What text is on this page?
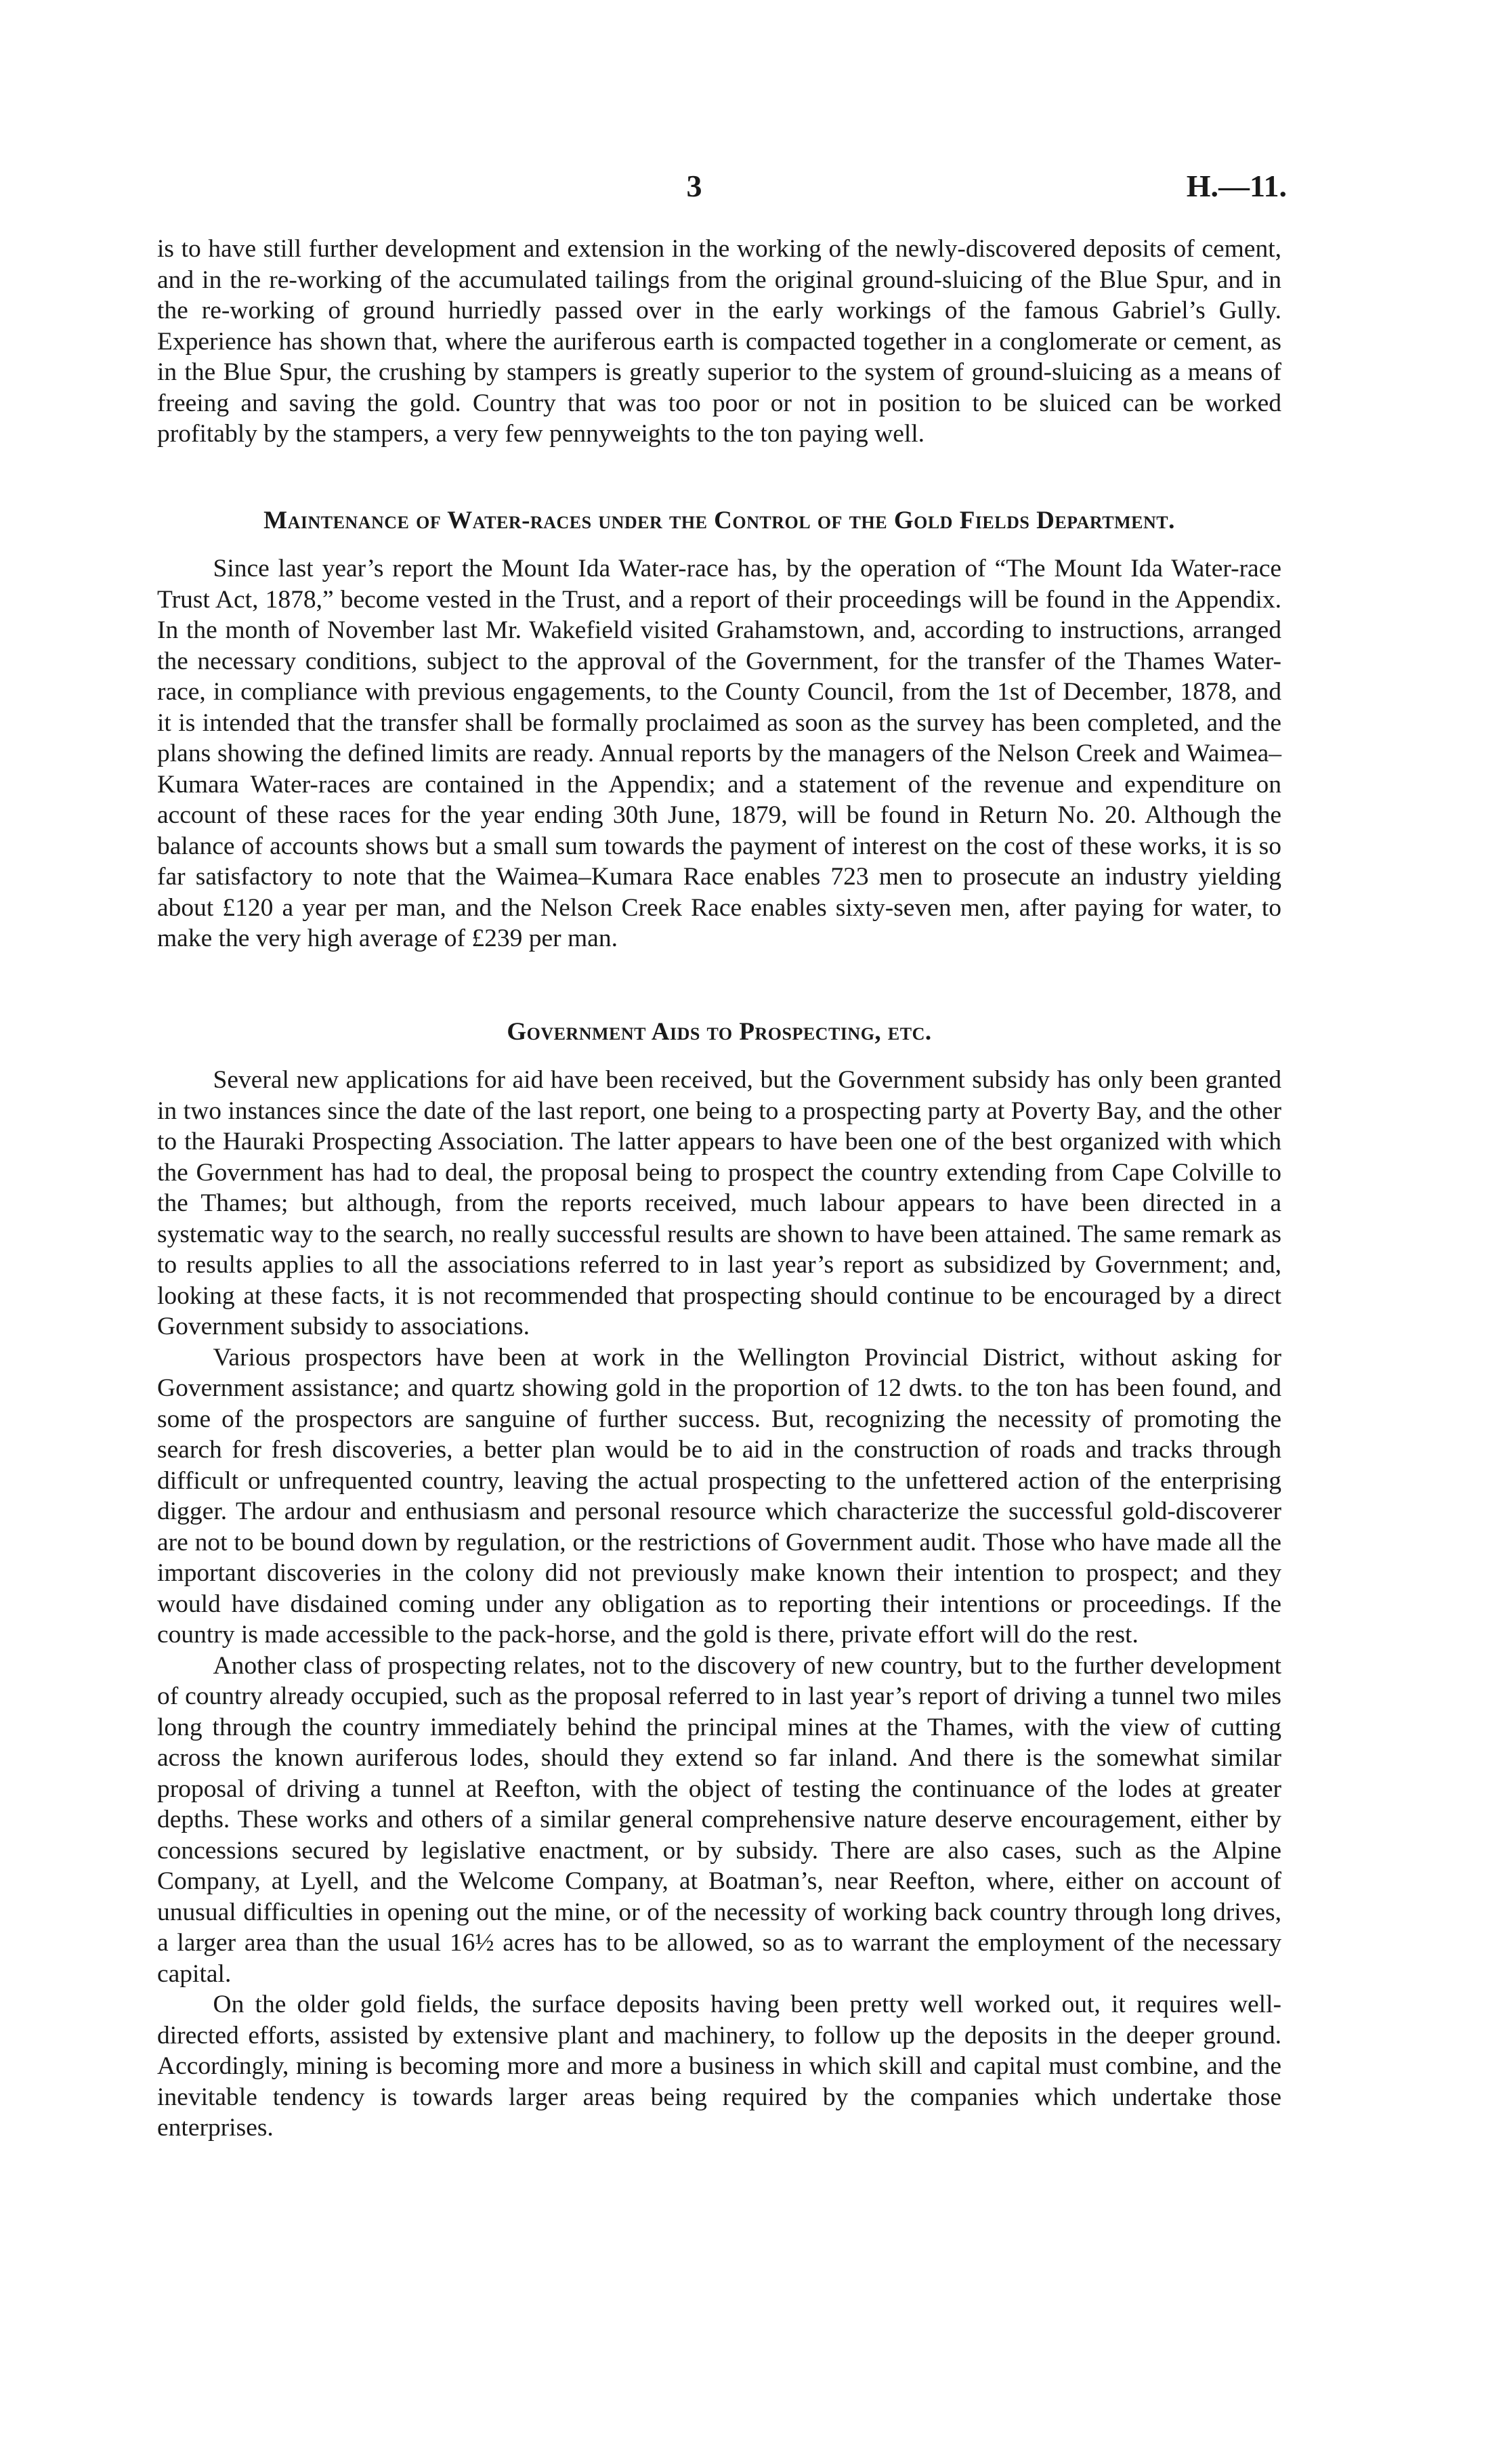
3	H.—11.

is to have still further development and extension in the working of the newly-discovered deposits of cement, and in the re-working of the accumulated tailings from the original ground-sluicing of the Blue Spur, and in the re-working of ground hurriedly passed over in the early workings of the famous Gabriel’s Gully. Experience has shown that, where the auriferous earth is compacted together in a conglomerate or cement, as in the Blue Spur, the crushing by stampers is greatly superior to the system of ground-sluicing as a means of freeing and saving the gold. Country that was too poor or not in position to be sluiced can be worked profitably by the stampers, a very few pennyweights to the ton paying well.

Maintenance of Water-races under the Control of the Gold Fields Department.

Since last year’s report the Mount Ida Water-race has, by the operation of “The Mount Ida Water-race Trust Act, 1878,” become vested in the Trust, and a report of their proceedings will be found in the Appendix. In the month of November last Mr. Wakefield visited Grahamstown, and, according to instructions, arranged the necessary conditions, subject to the approval of the Government, for the transfer of the Thames Water-race, in compliance with previous engagements, to the County Council, from the 1st of December, 1878, and it is intended that the transfer shall be formally proclaimed as soon as the survey has been completed, and the plans showing the defined limits are ready. Annual reports by the managers of the Nelson Creek and Waimea–Kumara Water-races are contained in the Appendix; and a statement of the revenue and expenditure on account of these races for the year ending 30th June, 1879, will be found in Return No. 20. Although the balance of accounts shows but a small sum towards the payment of interest on the cost of these works, it is so far satisfactory to note that the Waimea–Kumara Race enables 723 men to prosecute an industry yielding about £120 a year per man, and the Nelson Creek Race enables sixty-seven men, after paying for water, to make the very high average of £239 per man.

Government Aids to Prospecting, etc.

Several new applications for aid have been received, but the Government subsidy has only been granted in two instances since the date of the last report, one being to a prospecting party at Poverty Bay, and the other to the Hauraki Prospecting Association. The latter appears to have been one of the best organized with which the Government has had to deal, the proposal being to prospect the country extending from Cape Colville to the Thames; but although, from the reports received, much labour appears to have been directed in a systematic way to the search, no really successful results are shown to have been attained. The same remark as to results applies to all the associations referred to in last year’s report as subsidized by Government; and, looking at these facts, it is not recommended that prospecting should continue to be encouraged by a direct Government subsidy to associations.

Various prospectors have been at work in the Wellington Provincial District, without asking for Government assistance; and quartz showing gold in the proportion of 12 dwts. to the ton has been found, and some of the prospectors are sanguine of further success. But, recognizing the necessity of promoting the search for fresh discoveries, a better plan would be to aid in the construction of roads and tracks through difficult or unfrequented country, leaving the actual prospecting to the unfettered action of the enterprising digger. The ardour and enthusiasm and personal resource which characterize the successful gold-discoverer are not to be bound down by regulation, or the restrictions of Government audit. Those who have made all the important discoveries in the colony did not previously make known their intention to prospect; and they would have disdained coming under any obligation as to reporting their intentions or proceedings. If the country is made accessible to the pack-horse, and the gold is there, private effort will do the rest.

Another class of prospecting relates, not to the discovery of new country, but to the further development of country already occupied, such as the proposal referred to in last year’s report of driving a tunnel two miles long through the country immediately behind the principal mines at the Thames, with the view of cutting across the known auriferous lodes, should they extend so far inland. And there is the somewhat similar proposal of driving a tunnel at Reefton, with the object of testing the continuance of the lodes at greater depths. These works and others of a similar general comprehensive nature deserve encouragement, either by concessions secured by legislative enactment, or by subsidy. There are also cases, such as the Alpine Company, at Lyell, and the Welcome Company, at Boatman’s, near Reefton, where, either on account of unusual difficulties in opening out the mine, or of the necessity of working back country through long drives, a larger area than the usual 16½ acres has to be allowed, so as to warrant the employment of the necessary capital.

On the older gold fields, the surface deposits having been pretty well worked out, it requires well-directed efforts, assisted by extensive plant and machinery, to follow up the deposits in the deeper ground. Accordingly, mining is becoming more and more a business in which skill and capital must combine, and the inevitable tendency is towards larger areas being required by the companies which undertake those enterprises.
